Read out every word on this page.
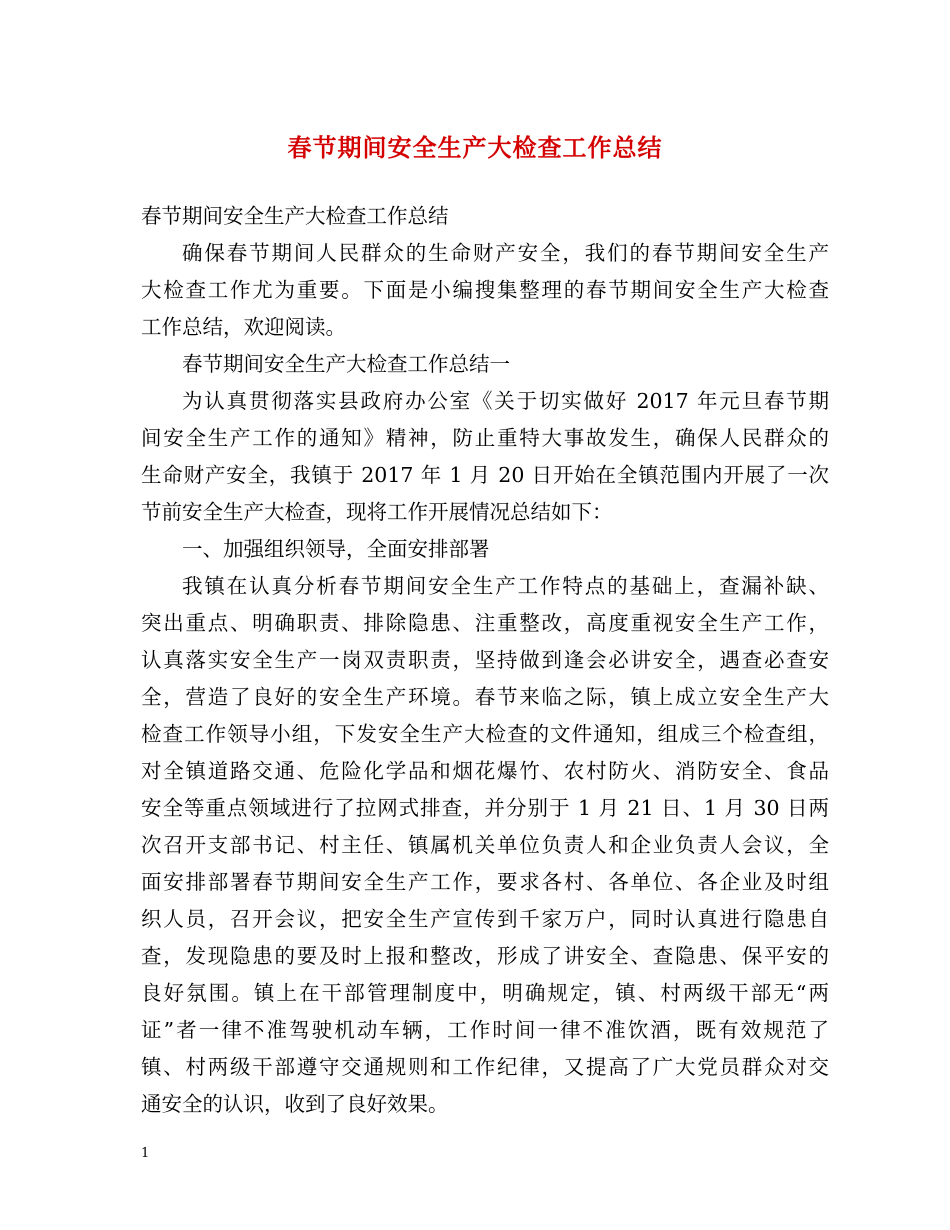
春节期间安全生产大检查工作总结

春节期间安全生产大检查工作总结

确保春节期间人民群众的生命财产安全，我们的春节期间安全生产

大检查工作尤为重要。下面是小编搜集整理的春节期间安全生产大检查

工作总结，欢迎阅读。

春节期间安全生产大检查工作总结一

为认真贯彻落实县政府办公室《关于切实做好 2017 年元旦春节期

间安全生产工作的通知》精神，防止重特大事故发生，确保人民群众的

生命财产安全，我镇于 2017 年 1 月 20 日开始在全镇范围内开展了一次

节前安全生产大检查，现将工作开展情况总结如下：

一、加强组织领导，全面安排部署

我镇在认真分析春节期间安全生产工作特点的基础上，查漏补缺、

突出重点、明确职责、排除隐患、注重整改，高度重视安全生产工作，

认真落实安全生产一岗双责职责，坚持做到逢会必讲安全，遇查必查安

全，营造了良好的安全生产环境。春节来临之际，镇上成立安全生产大

检查工作领导小组，下发安全生产大检查的文件通知，组成三个检查组，

对全镇道路交通、危险化学品和烟花爆竹、农村防火、消防安全、食品

安全等重点领域进行了拉网式排查，并分别于 1 月 21 日、1 月 30 日两

次召开支部书记、村主任、镇属机关单位负责人和企业负责人会议，全

面安排部署春节期间安全生产工作，要求各村、各单位、各企业及时组

织人员，召开会议，把安全生产宣传到千家万户，同时认真进行隐患自

查，发现隐患的要及时上报和整改，形成了讲安全、查隐患、保平安的

良好氛围。镇上在干部管理制度中，明确规定，镇、村两级干部无“两

证”者一律不准驾驶机动车辆，工作时间一律不准饮酒，既有效规范了

镇、村两级干部遵守交通规则和工作纪律，又提高了广大党员群众对交

通安全的认识，收到了良好效果。

1
